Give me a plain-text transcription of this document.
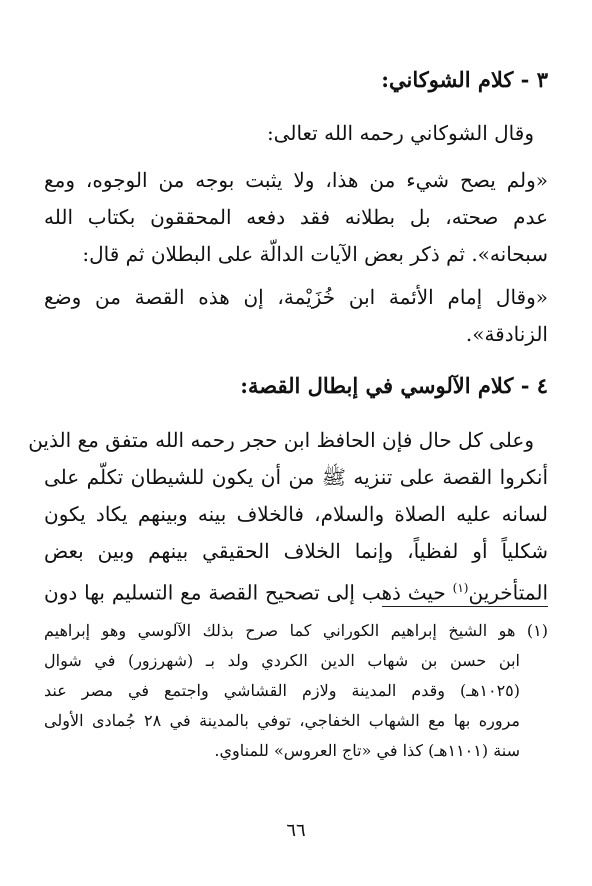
٣ - كلام الشوكاني:
وقال الشوكاني رحمه الله تعالى:
«ولم يصح شيء من هذا، ولا يثبت بوجه من الوجوه، ومع
عدم صحته، بل بطلانه فقد دفعه المحققون بكتاب الله
سبحانه». ثم ذكر بعض الآيات الدالّة على البطلان ثم قال:
«وقال إمام الأئمة ابن خُزَيْمة، إن هذه القصة من وضع
الزنادقة».
٤ - كلام الآلوسي في إبطال القصة:
وعلى كل حال فإن الحافظ ابن حجر رحمه الله متفق مع الذين
أنكروا القصة على تنزيه ﷺ من أن يكون للشيطان تكلّم على
لسانه عليه الصلاة والسلام، فالخلاف بينه وبينهم يكاد يكون
شكلياً أو لفظياً، وإنما الخلاف الحقيقي بينهم وبين بعض
المتأخرين$^{(١)}$ حيث ذهب إلى تصحيح القصة مع التسليم بها دون
(١) هو الشيخ إبراهيم الكوراني كما صرح بذلك الآلوسي وهو إبراهيم
ابن حسن بن شهاب الدين الكردي ولد بـ (شهرزور) في شوال
(١٠٢٥هـ) وقدم المدينة ولازم القشاشي واجتمع في مصر عند
مروره بها مع الشهاب الخفاجي، توفي بالمدينة في ٢٨ جُمادى الأولى
سنة (١١٠١هـ) كذا في «تاج العروس» للمناوي.
٦٦
